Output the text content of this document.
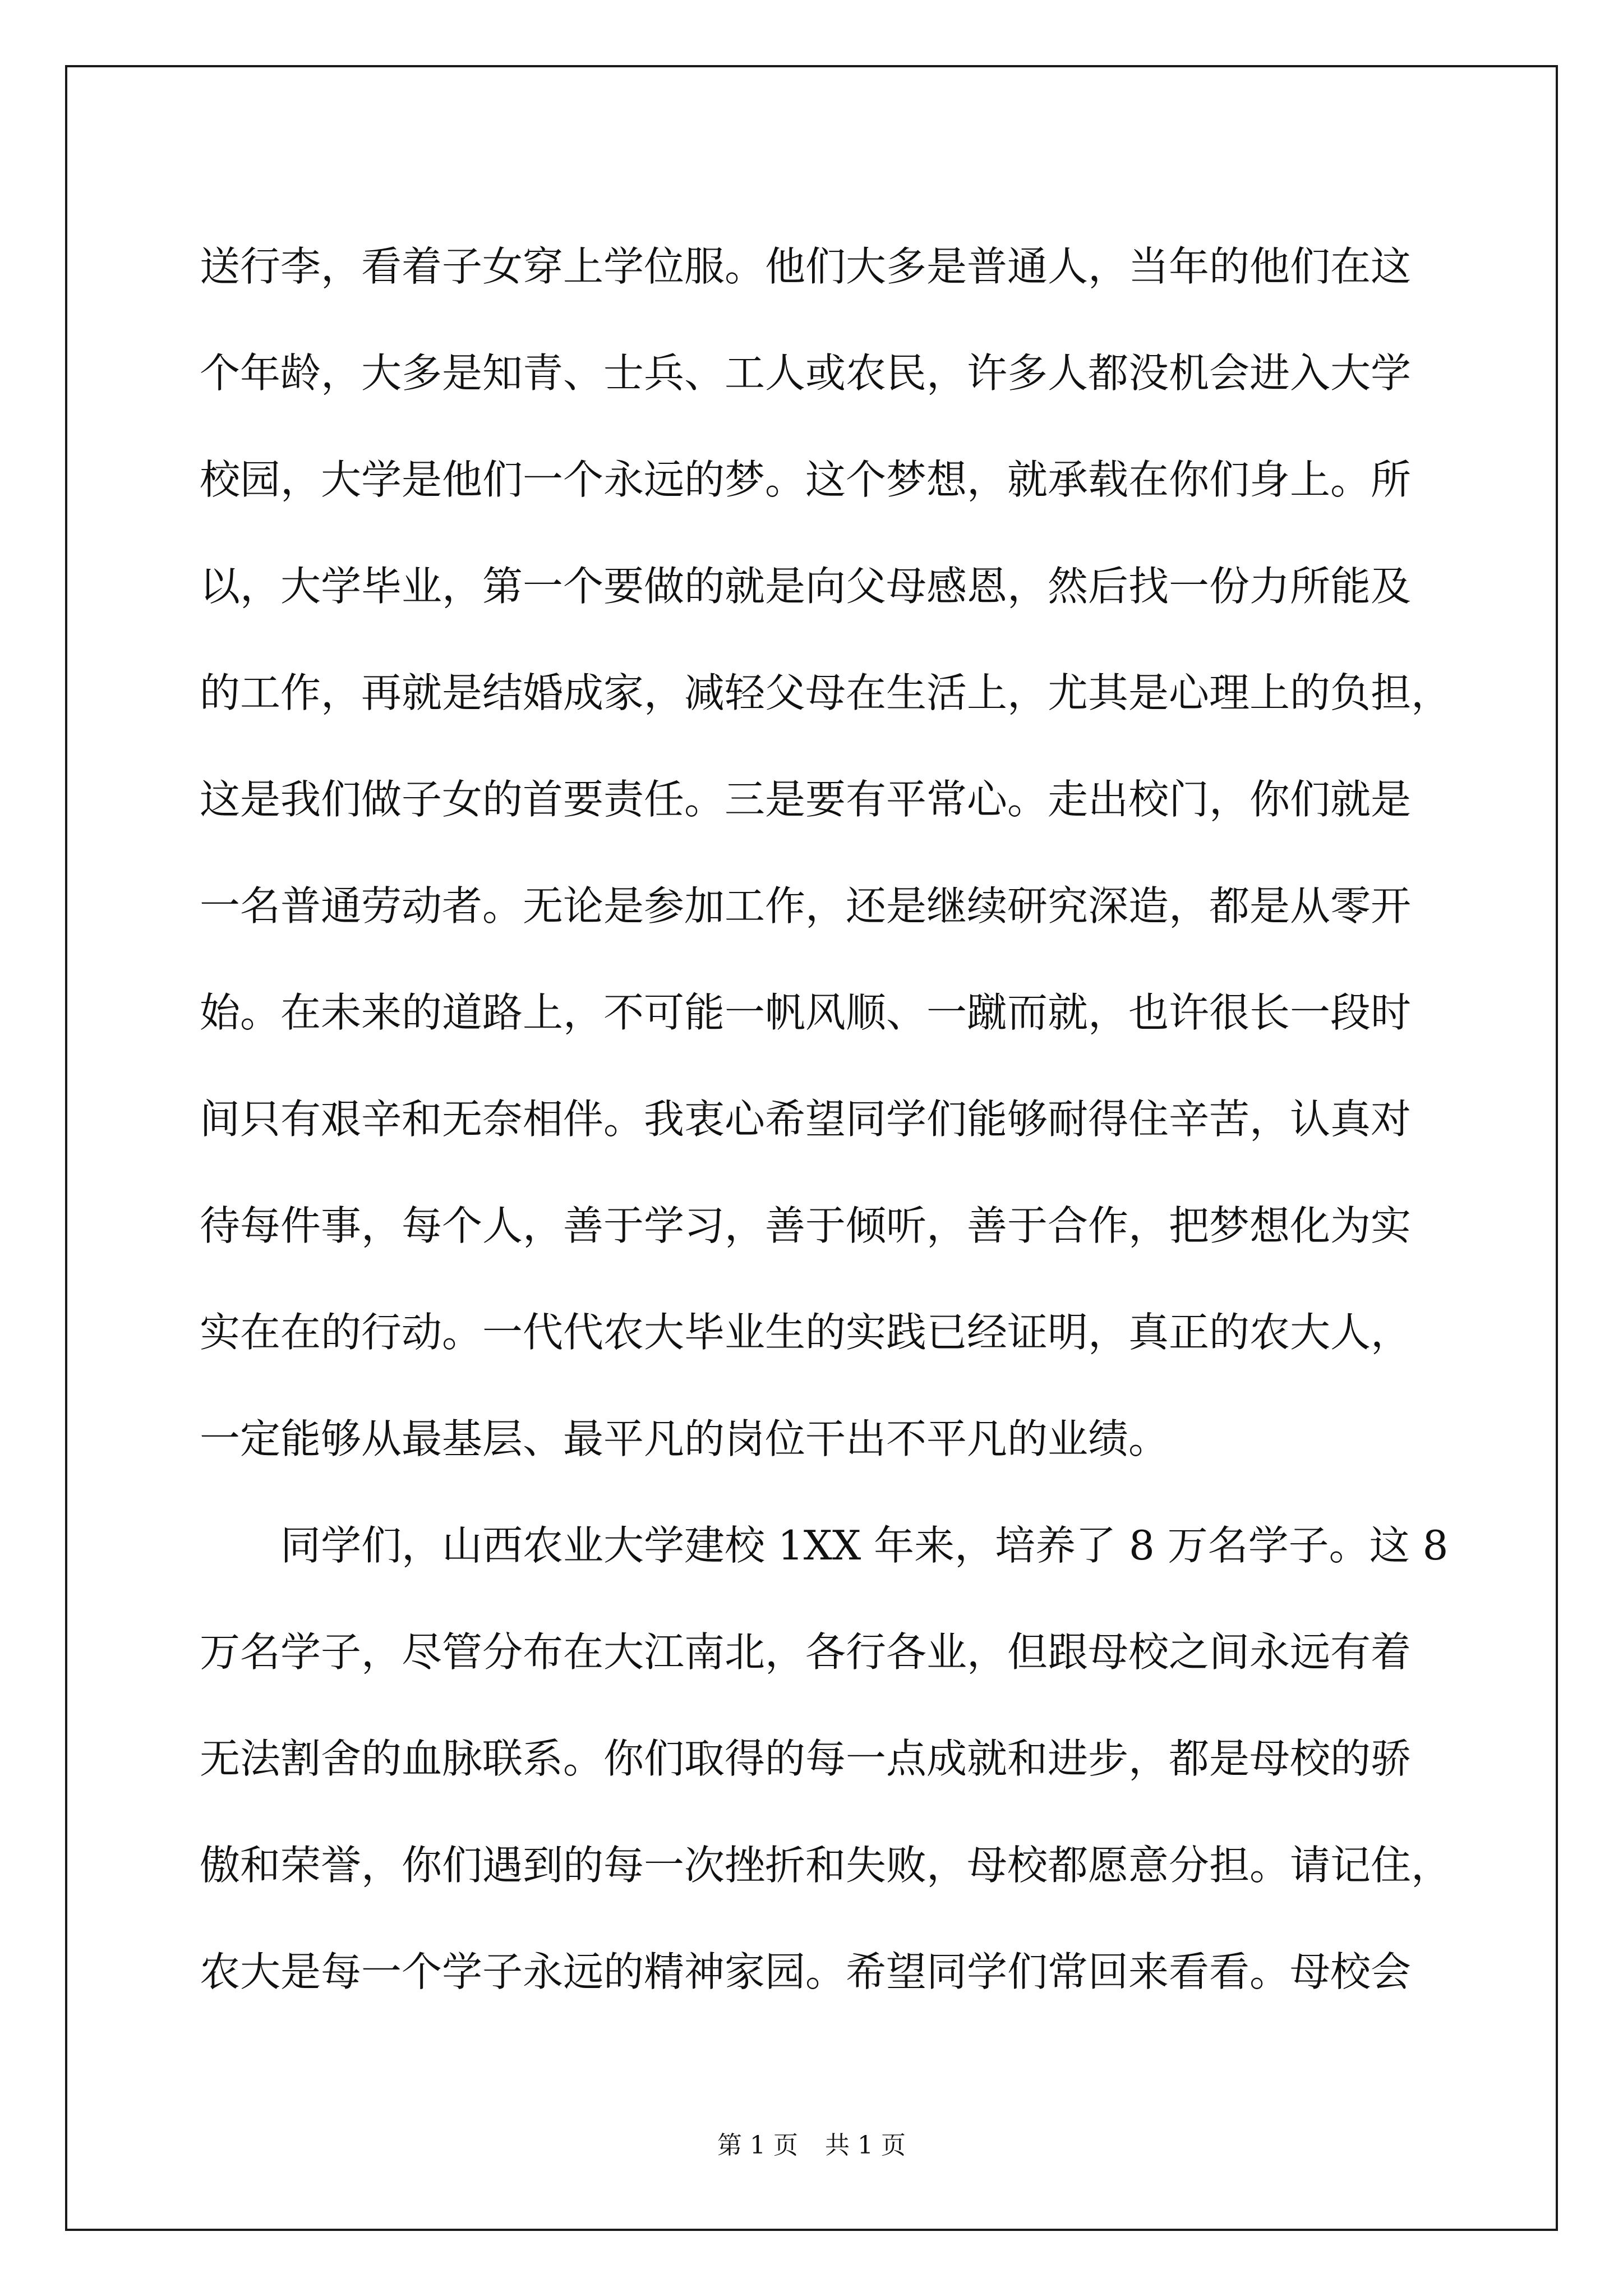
送行李，看着子女穿上学位服。他们大多是普通人，当年的他们在这
个年龄，大多是知青、士兵、工人或农民，许多人都没机会进入大学
校园，大学是他们一个永远的梦。这个梦想，就承载在你们身上。所
以，大学毕业，第一个要做的就是向父母感恩，然后找一份力所能及
的工作，再就是结婚成家，减轻父母在生活上，尤其是心理上的负担，
这是我们做子女的首要责任。三是要有平常心。走出校门，你们就是
一名普通劳动者。无论是参加工作，还是继续研究深造，都是从零开
始。在未来的道路上，不可能一帆风顺、一蹴而就，也许很长一段时
间只有艰辛和无奈相伴。我衷心希望同学们能够耐得住辛苦，认真对
待每件事，每个人，善于学习，善于倾听，善于合作，把梦想化为实
实在在的行动。一代代农大毕业生的实践已经证明，真正的农大人，
一定能够从最基层、最平凡的岗位干出不平凡的业绩。
同学们，山西农业大学建校 1XX 年来，培养了 8 万名学子。这 8
万名学子，尽管分布在大江南北，各行各业，但跟母校之间永远有着
无法割舍的血脉联系。你们取得的每一点成就和进步，都是母校的骄
傲和荣誉，你们遇到的每一次挫折和失败，母校都愿意分担。请记住，
农大是每一个学子永远的精神家园。希望同学们常回来看看。母校会
第 1 页 共 1 页
